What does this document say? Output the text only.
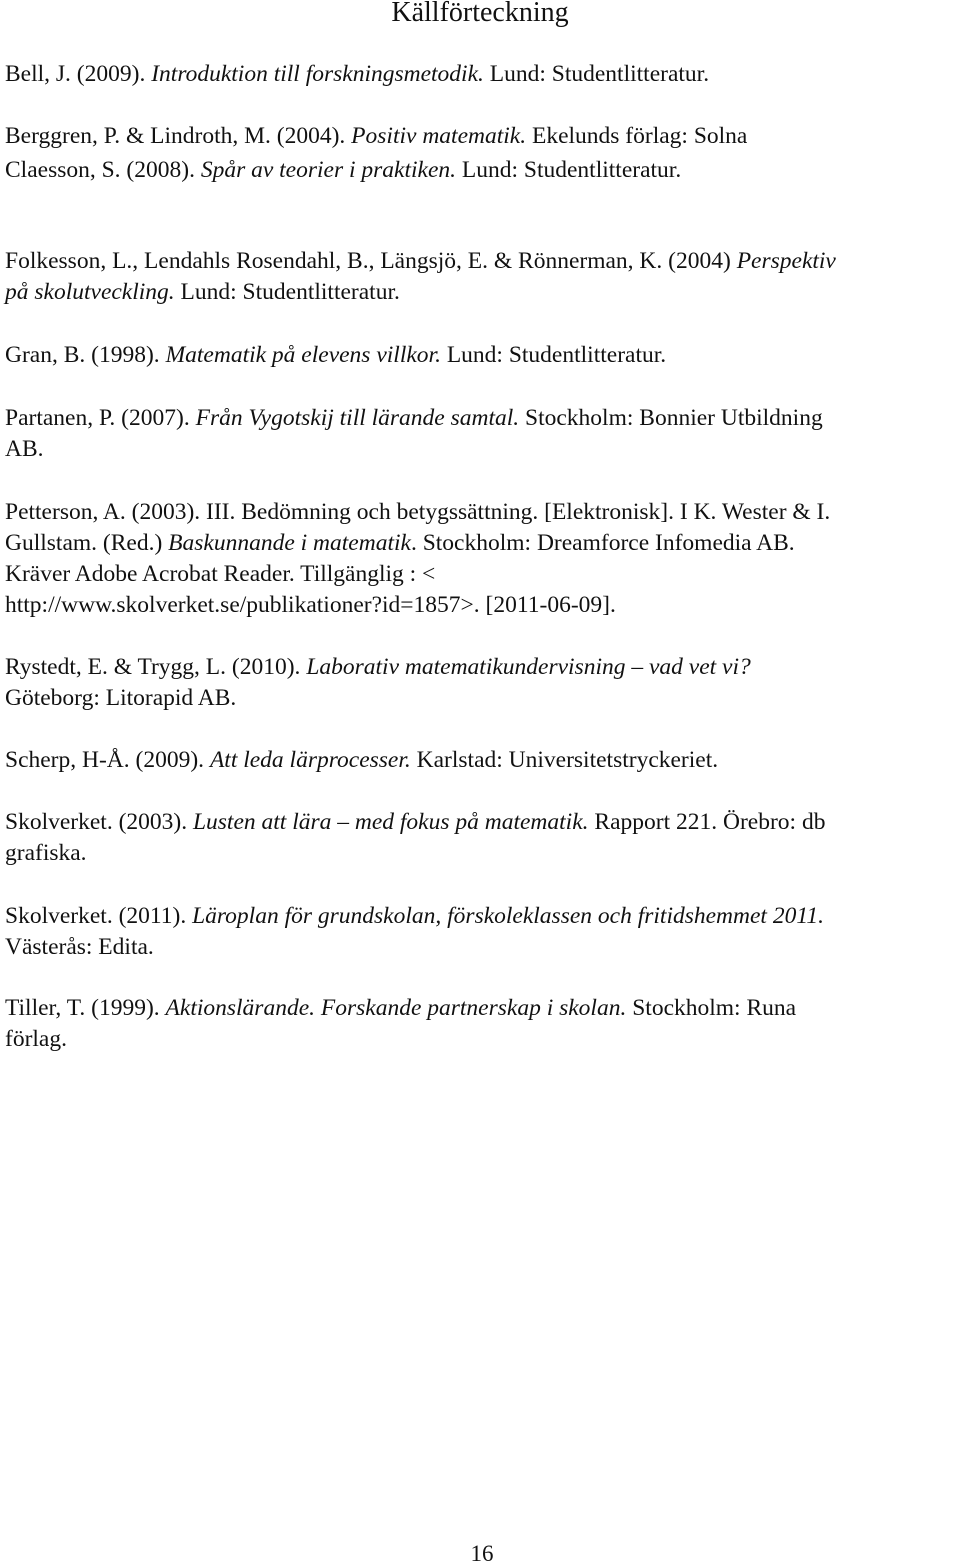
Källförteckning
Bell, J. (2009). Introduktion till forskningsmetodik. Lund: Studentlitteratur.
Berggren, P. & Lindroth, M. (2004). Positiv matematik. Ekelunds förlag: Solna
Claesson, S. (2008). Spår av teorier i praktiken. Lund: Studentlitteratur.
Folkesson, L., Lendahls Rosendahl, B., Längsjö, E. & Rönnerman, K. (2004) Perspektiv
på skolutveckling. Lund: Studentlitteratur.
Gran, B. (1998). Matematik på elevens villkor. Lund: Studentlitteratur.
Partanen, P. (2007). Från Vygotskij till lärande samtal. Stockholm: Bonnier Utbildning
AB.
Petterson, A. (2003). III. Bedömning och betygssättning. [Elektronisk]. I K. Wester & I.
Gullstam. (Red.) Baskunnande i matematik. Stockholm: Dreamforce Infomedia AB.
Kräver Adobe Acrobat Reader. Tillgänglig : <
http://www.skolverket.se/publikationer?id=1857>. [2011-06-09].
Rystedt, E. & Trygg, L. (2010). Laborativ matematikundervisning – vad vet vi?
Göteborg: Litorapid AB.
Scherp, H-Å. (2009). Att leda lärprocesser. Karlstad: Universitetstryckeriet.
Skolverket. (2003). Lusten att lära – med fokus på matematik. Rapport 221. Örebro: db
grafiska.
Skolverket. (2011). Läroplan för grundskolan, förskoleklassen och fritidshemmet 2011.
Västerås: Edita.
Tiller, T. (1999). Aktionslärande. Forskande partnerskap i skolan. Stockholm: Runa
förlag.
16
